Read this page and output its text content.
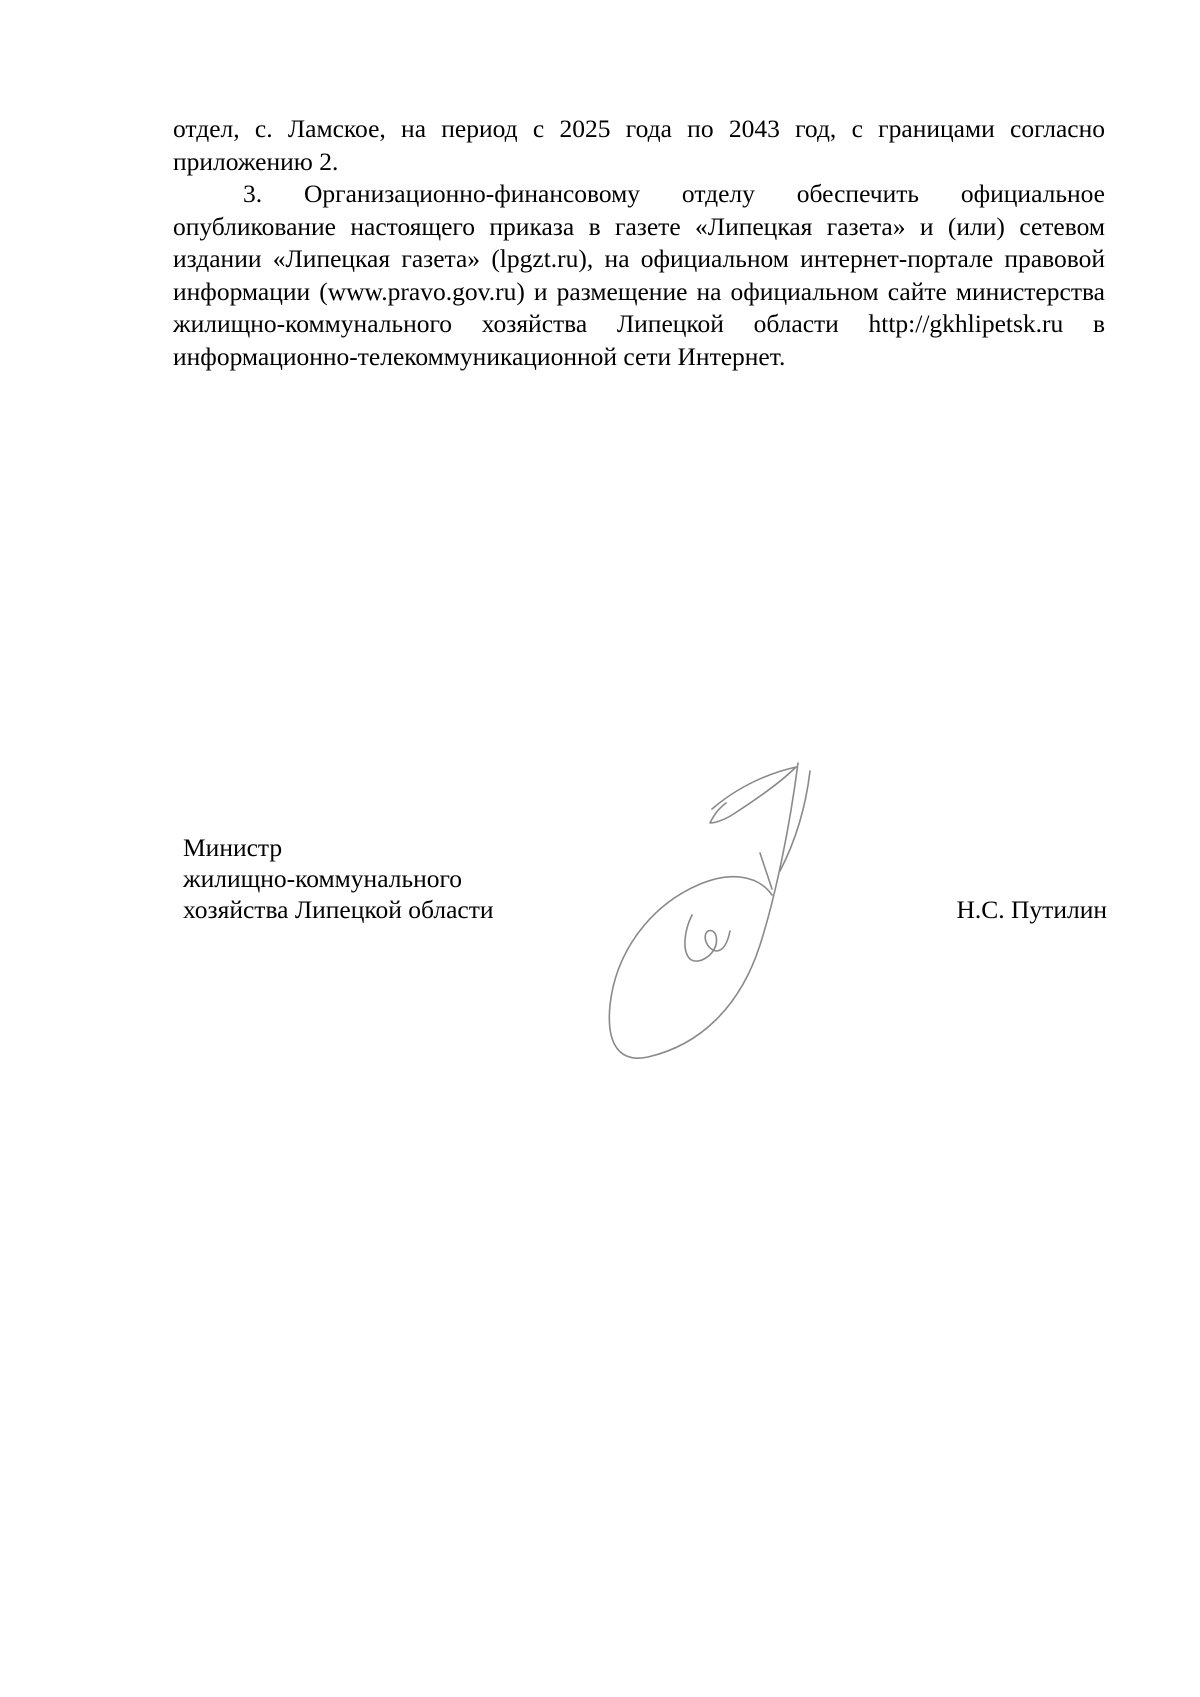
отдел, с. Ламское, на период с 2025 года по 2043 год, с границами согласно приложению 2.

3. Организационно-финансовому отделу обеспечить официальное опубликование настоящего приказа в газете «Липецкая газета» и (или) сетевом издании «Липецкая газета» (lpgzt.ru), на официальном интернет-портале правовой информации (www.pravo.gov.ru) и размещение на официальном сайте министерства жилищно-коммунального хозяйства Липецкой области http://gkhlipetsk.ru в информационно-телекоммуникационной сети Интернет.

Министр
жилищно-коммунального
хозяйства Липецкой области	Н.С. Путилин
